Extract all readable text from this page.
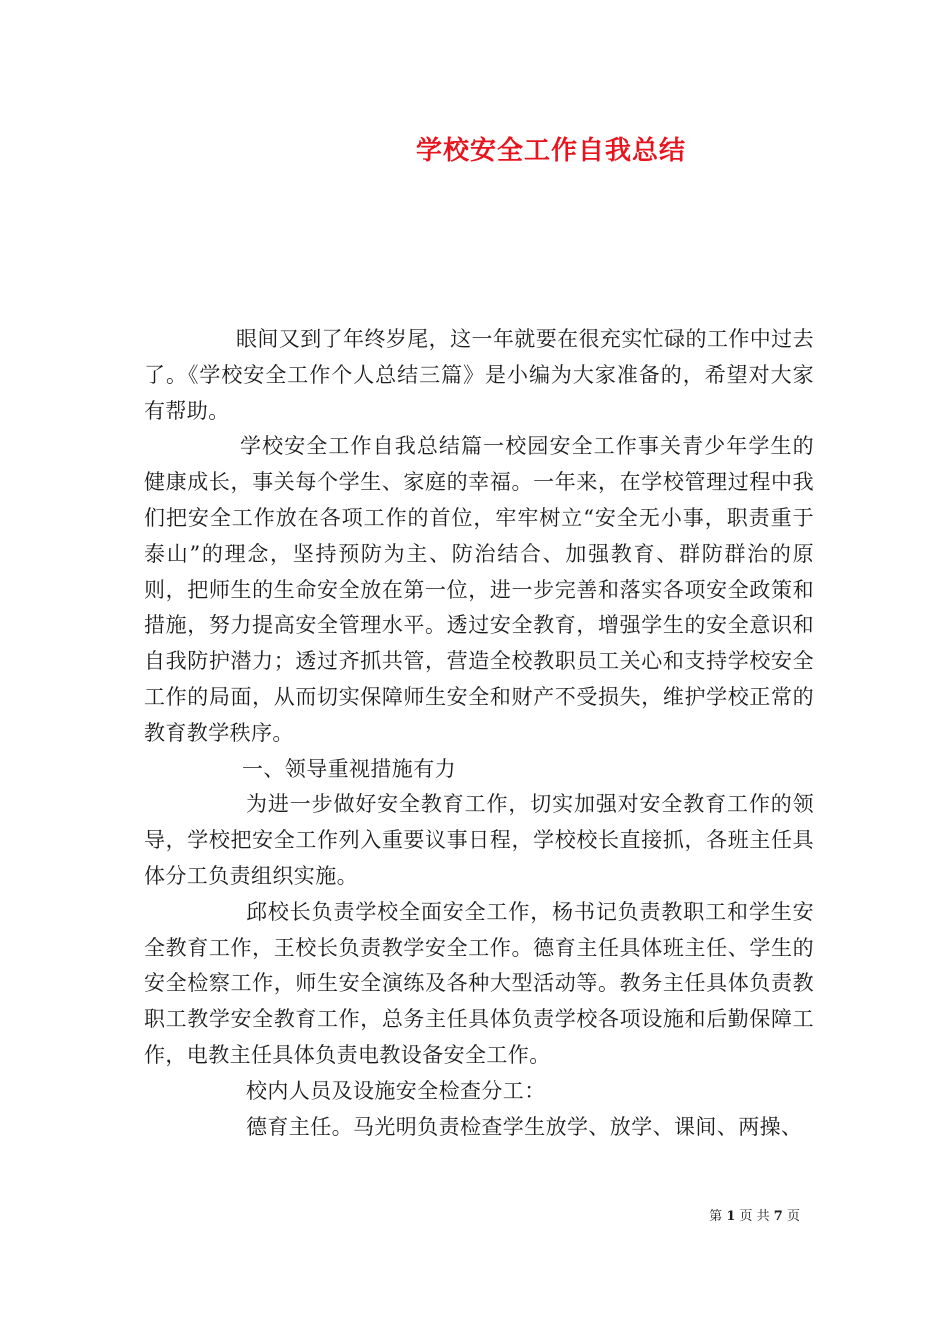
学校安全工作自我总结

眼间又到了年终岁尾，这一年就要在很充实忙碌的工作中过去了。《学校安全工作个人总结三篇》是小编为大家准备的，希望对大家有帮助。

学校安全工作自我总结篇一校园安全工作事关青少年学生的健康成长，事关每个学生、家庭的幸福。一年来，在学校管理过程中我们把安全工作放在各项工作的首位，牢牢树立“安全无小事，职责重于泰山”的理念，坚持预防为主、防治结合、加强教育、群防群治的原则，把师生的生命安全放在第一位，进一步完善和落实各项安全政策和措施，努力提高安全管理水平。透过安全教育，增强学生的安全意识和自我防护潜力；透过齐抓共管，营造全校教职员工关心和支持学校安全工作的局面，从而切实保障师生安全和财产不受损失，维护学校正常的教育教学秩序。

一、领导重视措施有力

为进一步做好安全教育工作，切实加强对安全教育工作的领导，学校把安全工作列入重要议事日程，学校校长直接抓，各班主任具体分工负责组织实施。

邱校长负责学校全面安全工作，杨书记负责教职工和学生安全教育工作，王校长负责教学安全工作。德育主任具体班主任、学生的安全检察工作，师生安全演练及各种大型活动等。教务主任具体负责教职工教学安全教育工作，总务主任具体负责学校各项设施和后勤保障工作，电教主任具体负责电教设备安全工作。

校内人员及设施安全检查分工：

德育主任。马光明负责检查学生放学、放学、课间、两操、

第 1 页 共 7 页
